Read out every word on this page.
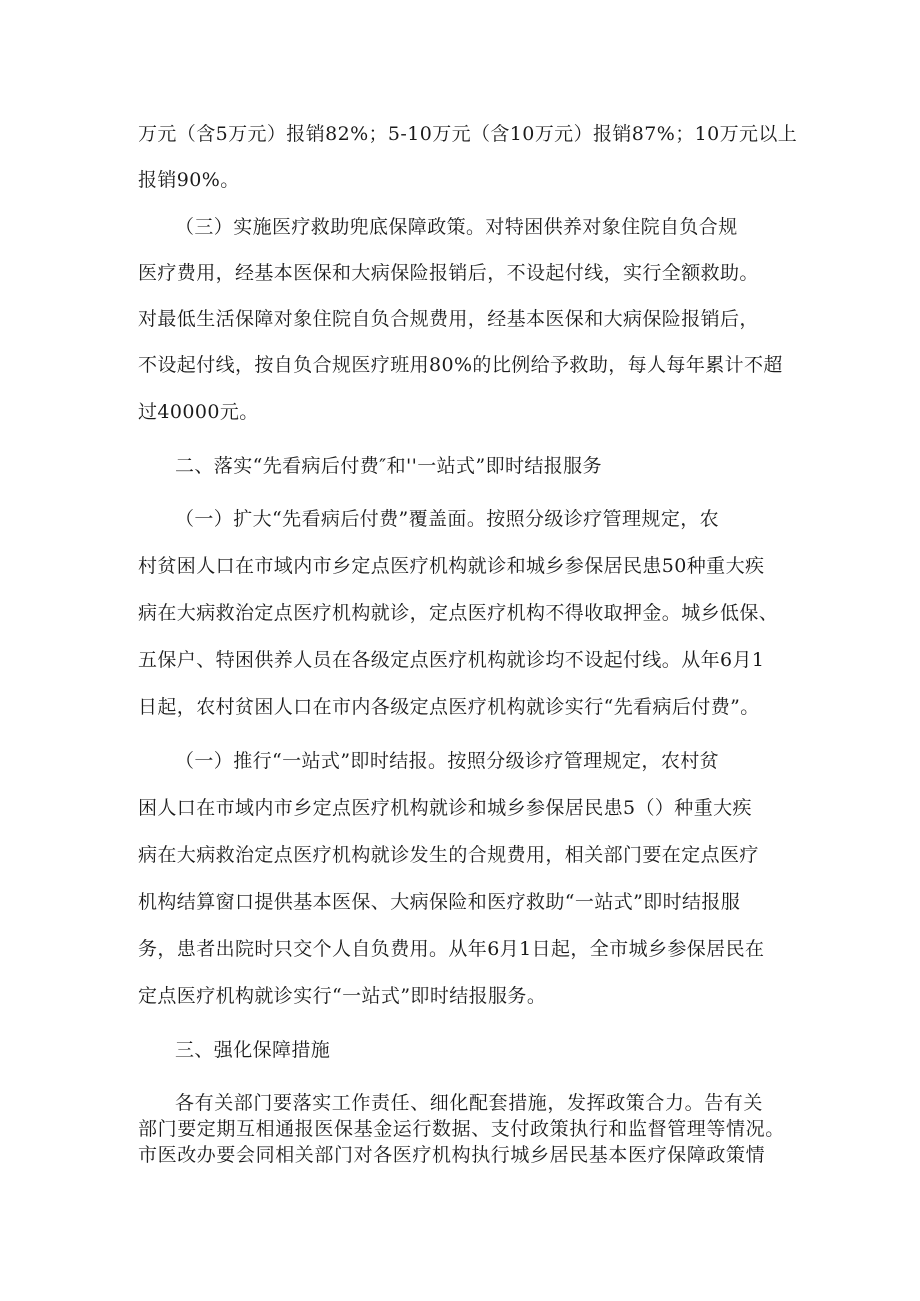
万元（含5万元）报销82%；5-10万元（含10万元）报销87%；10万元以上
报销90%。
（三）实施医疗救助兜底保障政策。对特困供养对象住院自负合规
医疗费用，经基本医保和大病保险报销后，不设起付线，实行全额救助。
对最低生活保障对象住院自负合规费用，经基本医保和大病保险报销后，
不设起付线，按自负合规医疗班用80%的比例给予救助，每人每年累计不超
过40000元。
二、落实“先看病后付费″和''一站式”即时结报服务
（一）扩大“先看病后付费”覆盖面。按照分级诊疗管理规定，农
村贫困人口在市域内市乡定点医疗机构就诊和城乡参保居民患50种重大疾
病在大病救治定点医疗机构就诊，定点医疗机构不得收取押金。城乡低保、
五保户、特困供养人员在各级定点医疗机构就诊均不设起付线。从年6月1
日起，农村贫困人口在市内各级定点医疗机构就诊实行“先看病后付费”。
（一）推行“一站式”即时结报。按照分级诊疗管理规定，农村贫
困人口在市域内市乡定点医疗机构就诊和城乡参保居民患5（）种重大疾
病在大病救治定点医疗机构就诊发生的合规费用，相关部门要在定点医疗
机构结算窗口提供基本医保、大病保险和医疗救助“一站式”即时结报服
务，患者出院时只交个人自负费用。从年6月1日起，全市城乡参保居民在
定点医疗机构就诊实行“一站式”即时结报服务。
三、强化保障措施
各有关部门要落实工作责任、细化配套措施，发挥政策合力。告有关
部门要定期互相通报医保基金运行数据、支付政策执行和监督管理等情况。
市医改办要会同相关部门对各医疗机构执行城乡居民基本医疗保障政策情
